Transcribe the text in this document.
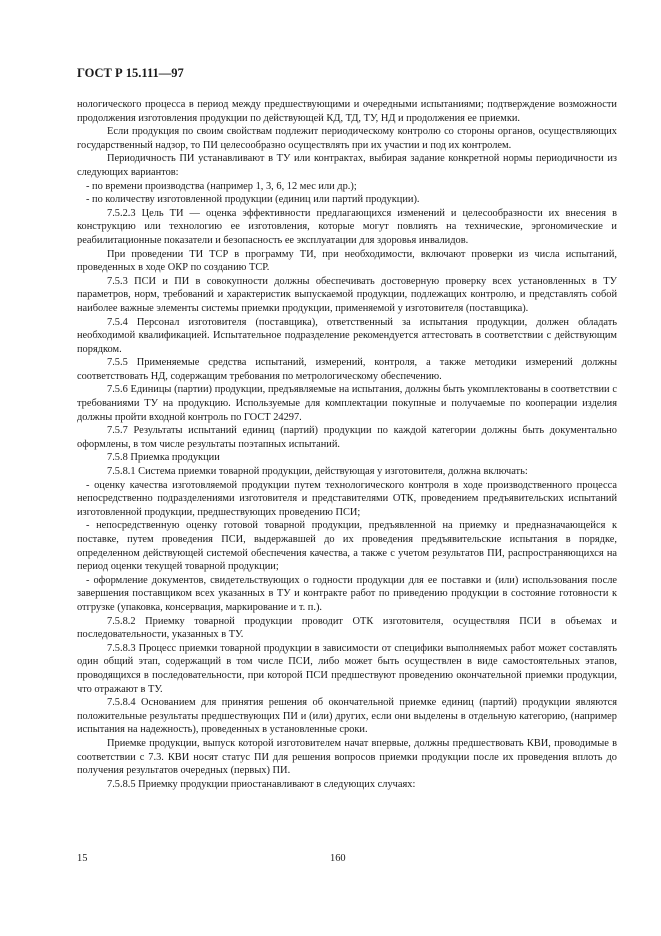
ГОСТ Р 15.111—97

нологического процесса в период между предшествующими и очередными испытаниями; подтверждение возможности продолжения изготовления продукции по действующей КД, ТД, ТУ, НД и продолжения ее приемки.

Если продукция по своим свойствам подлежит периодическому контролю со стороны органов, осуществляющих государственный надзор, то ПИ целесообразно осуществлять при их участии и под их контролем.

Периодичность ПИ устанавливают в ТУ или контрактах, выбирая задание конкретной нормы периодичности из следующих вариантов:

- по времени производства (например 1, 3, 6, 12 мес или др.);

- по количеству изготовленной продукции (единиц или партий продукции).

7.5.2.3 Цель ТИ — оценка эффективности предлагающихся изменений и целесообразности их внесения в конструкцию или технологию ее изготовления, которые могут повлиять на технические, эргономические и реабилитационные показатели и безопасность ее эксплуатации для здоровья инвалидов.

При проведении ТИ ТСР в программу ТИ, при необходимости, включают проверки из числа испытаний, проведенных в ходе ОКР по созданию ТСР.

7.5.3 ПСИ и ПИ в совокупности должны обеспечивать достоверную проверку всех установленных в ТУ параметров, норм, требований и характеристик выпускаемой продукции, подлежащих контролю, и представлять собой наиболее важные элементы системы приемки продукции, применяемой у изготовителя (поставщика).

7.5.4 Персонал изготовителя (поставщика), ответственный за испытания продукции, должен обладать необходимой квалификацией. Испытательное подразделение рекомендуется аттестовать в соответствии с действующим порядком.

7.5.5 Применяемые средства испытаний, измерений, контроля, а также методики измерений должны соответствовать НД, содержащим требования по метрологическому обеспечению.

7.5.6 Единицы (партии) продукции, предъявляемые на испытания, должны быть укомплектованы в соответствии с требованиями ТУ на продукцию. Используемые для комплектации покупные и получаемые по кооперации изделия должны пройти входной контроль по ГОСТ 24297.

7.5.7 Результаты испытаний единиц (партий) продукции по каждой категории должны быть документально оформлены, в том числе результаты поэтапных испытаний.

7.5.8 Приемка продукции

7.5.8.1 Система приемки товарной продукции, действующая у изготовителя, должна включать:

- оценку качества изготовляемой продукции путем технологического контроля в ходе производственного процесса непосредственно подразделениями изготовителя и представителями ОТК, проведением предъявительских испытаний изготовленной продукции, предшествующих проведению ПСИ;

- непосредственную оценку готовой товарной продукции, предъявленной на приемку и предназначающейся к поставке, путем проведения ПСИ, выдержавшей до их проведения предъявительские испытания в порядке, определенном действующей системой обеспечения качества, а также с учетом результатов ПИ, распространяющихся на период оценки текущей товарной продукции;

- оформление документов, свидетельствующих о годности продукции для ее поставки и (или) использования после завершения поставщиком всех указанных в ТУ и контракте работ по приведению продукции в состояние готовности к отгрузке (упаковка, консервация, маркирование и т. п.).

7.5.8.2 Приемку товарной продукции проводит ОТК изготовителя, осуществляя ПСИ в объемах и последовательности, указанных в ТУ.

7.5.8.3 Процесс приемки товарной продукции в зависимости от специфики выполняемых работ может составлять один общий этап, содержащий в том числе ПСИ, либо может быть осуществлен в виде самостоятельных этапов, проводящихся в последовательности, при которой ПСИ предшествуют проведению окончательной приемки продукции, что отражают в ТУ.

7.5.8.4 Основанием для принятия решения об окончательной приемке единиц (партий) продукции являются положительные результаты предшествующих ПИ и (или) других, если они выделены в отдельную категорию, (например испытания на надежность), проведенных в установленные сроки.

Приемке продукции, выпуск которой изготовителем начат впервые, должны предшествовать КВИ, проводимые в соответствии с 7.3. КВИ носят статус ПИ для решения вопросов приемки продукции после их проведения вплоть до получения результатов очередных (первых) ПИ.

7.5.8.5 Приемку продукции приостанавливают в следующих случаях:

15	160
